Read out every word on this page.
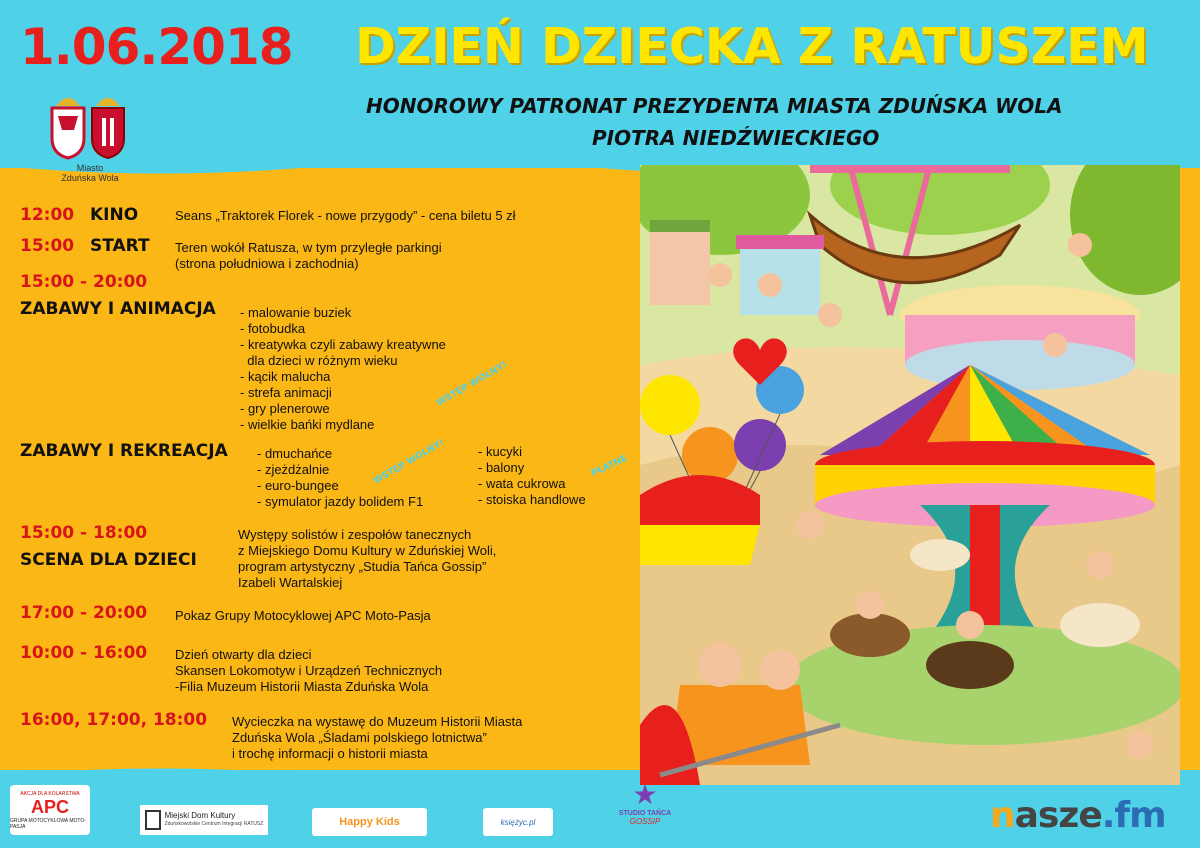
1.06.2018 DZIEŃ DZIECKA Z RATUSZEM
HONOROWY PATRONAT PREZYDENTA MIASTA ZDUŃSKA WOLA
PIOTRA NIEDŹWIECKIEGO
Miasto
Zduńska Wola
12:00 KINO	Seans „Traktorek Florek - nowe przygody” - cena biletu 5 zł
15:00 START Teren wokół Ratusza, w tym przyległe parkingi
(strona południowa i zachodnia)
15:00 - 20:00
ZABAWY I ANIMACJA - malowanie buziek
- fotobudka
- kreatywka czyli zabawy kreatywne
dla dzieci w różnym wieku
- kącik malucha
- strefa animacji
- gry plenerowe
- wielkie bańki mydlane
WSTĘP WOLNY!
ZABAWY I REKREACJA - dmuchańce
- zjeżdżalnie
- euro-bungee
- symulator jazdy bolidem F1
WSTĘP WOLNY! - kucyki
- balony
- wata cukrowa
- stoiska handlowe
PŁATNE
15:00 - 18:00
SCENA DLA DZIECI
Występy solistów i zespołów tanecznych
z Miejskiego Domu Kultury w Zduńskiej Woli,
program artystyczny „Studia Tańca Gossip”
Izabeli Wartalskiej
17:00 - 20:00 Pokaz Grupy Motocyklowej APC Moto-Pasja
10:00 - 16:00 Dzień otwarty dla dzieci
Skansen Lokomotyw i Urządzeń Technicznych
-Filia Muzeum Historii Miasta Zduńska Wola
16:00, 17:00, 18:00 Wycieczka na wystawę do Muzeum Historii Miasta
Zduńska Wola „Śladami polskiego lotnictwa”
i trochę informacji o historii miasta
AKCJA DLA KOLARSTWA
APC
GRUPA MOTOCYKLOWA MOTO-PASJA
Miejski Dom Kultury
Zduńskowolskie Centrum Integracji RATUSZ	Happy Kids	księżyc.pl
★
STUDIO TAŃCA
GOSSIP	nasze.fm
